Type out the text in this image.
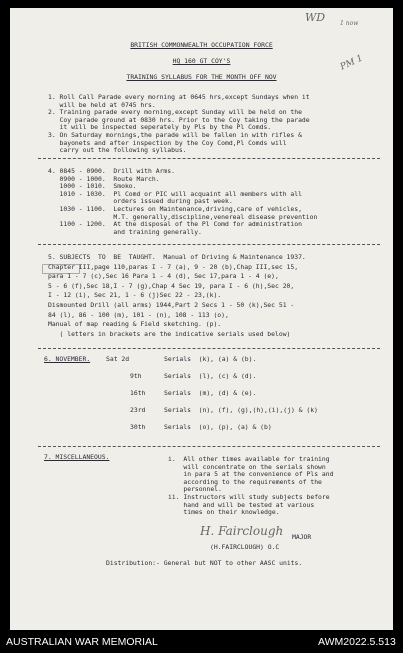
WD 1 now
PM 1
BRITISH COMMONWEALTH OCCUPATION FORCE
HQ 160 GT COY'S
TRAINING SYLLABUS FOR THE MONTH OFF NOV
1. Roll Call Parade every morning at 0645 hrs,except Sundays when it
will be held at 0745 hrs.
2. Training parade every morning,except Sunday will be held on the
Coy parade ground at 0830 hrs. Prior to the Coy taking the parade
it will be inspected seperately by Pls by the Pl Comds.
3. On Saturday mornings,the parade will be fallen in with rifles &
bayonets and after inspection by the Coy Comd,Pl Comds will
carry out the following syllabus.
4. 0845 - 0900.  Drill with Arms.
0900 - 1000.  Route March.
1000 - 1010.  Smoko.
1010 - 1030.  Pl Comd or PIC will acquaint all members with all
orders issued during past week.
1030 - 1100.  Lectures on Maintenance,driving,care of vehicles,
M.T. generally,discipline,venereal disease prevention
1100 - 1200.  At the disposal of the Pl Comd for administration
and training generally.
5. SUBJECTS  TO  BE  TAUGHT.  Manual of Driving & Maintenance 1937.
Chapter III,page 110,paras I - 7 (a), 9 - 20 (b),Chap III,sec 15,
para 1 - 7 (c),Sec 16 Para 1 - 4 (d), Sec 17,para 1 - 4 (e),
5 - 6 (f),Sec 18,I - 7 (g),Chap 4 Sec 19, para I - 6 (h),Sec 20,
I - 12 (i), Sec 21, 1 - 6 (j)Sec 22 - 23,(k).
Dismounted Drill (all arms) 1944,Part 2 Secs 1 - 50 (k),Sec 51 -
84 (l), 86 - 100 (m), 101 - (n), 108 - 113 (o),
Manual of map reading & Field sketching. (p).
( letters in brackets are the indicative serials used below)
6. NOVEMBER. Sat 2d	Serials  (k), (a) & (b).
9th	Serials  (l), (c) & (d).
16th	Serials  (m), (d) & (e).
23rd	Serials  (n), (f), (g),(h),(i),(j) & (k)
30th	Serials  (o), (p), (a) & (b)
7. MISCELLANEOUS.	i.  All other times available for training
will concentrate on the serials shown
in para 5 at the convenience of Pls and
according to the requirements of the
personnel.
ii. Instructors will study subjects before
hand and will be tested at various
times on their knowledge.
H. Fairclough MAJOR
(H.FAIRCLOUGH) O.C
Distribution:- General but NOT to other AASC units.
AUSTRALIAN WAR MEMORIAL	AWM2022.5.513
